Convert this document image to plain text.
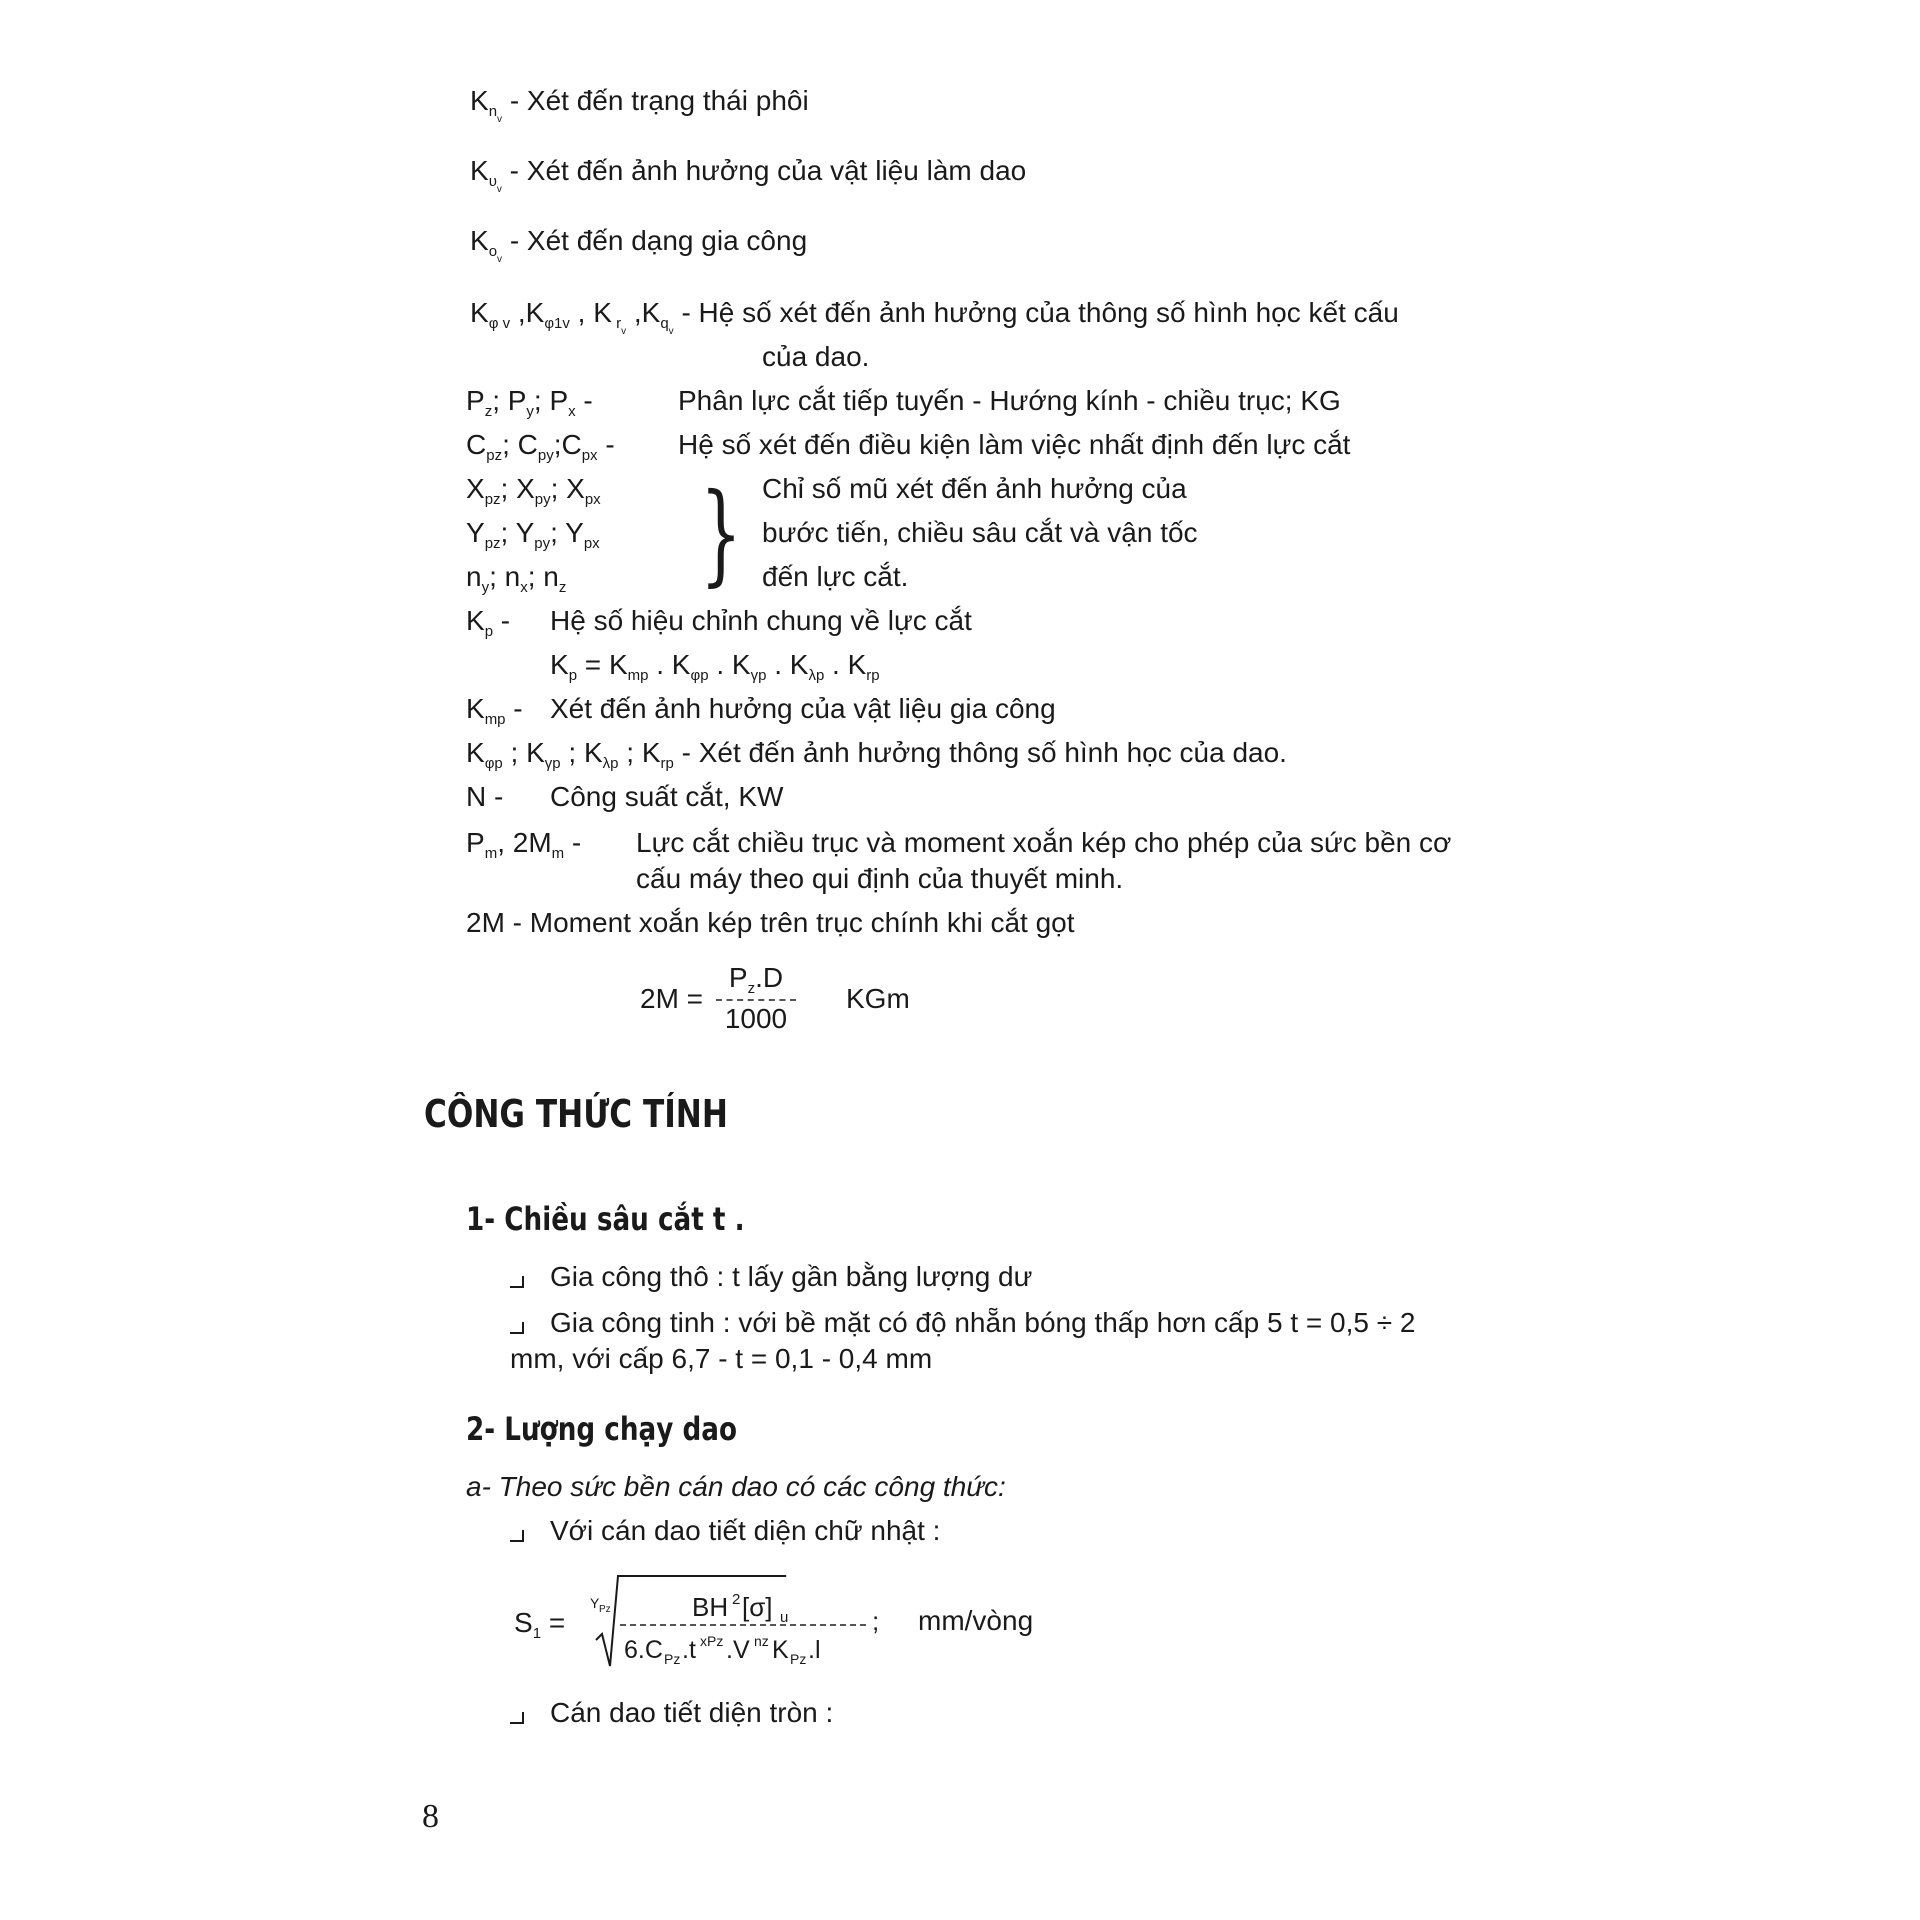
$K_{n_v}$ - Xét đến trạng thái phôi
$K_{\upsilon_v}$ - Xét đến ảnh hưởng của vật liệu làm dao
$K_{o_v}$ - Xét đến dạng gia công
$K_{\varphi v}$ $,K_{\varphi 1v}$ , K $_{r_v}$ $,K_{q_v}$ - Hệ số xét đến ảnh hưởng của thông số hình học kết cấu
của dao.
$P_z$; $P_y$; $P_x$ -	Phân lực cắt tiếp tuyến - Hướng kính - chiều trục; KG
$C_{pz}$; $C_{py};C_{px}$ - Hệ số xét đến điều kiện làm việc nhất định đến lực cắt
$X_{pz}$; $X_{py}$; $X_{px}$
$Y_{pz}$; $Y_{py}$; $Y_{px}$
$n_y$; $n_x$; $n_z$ } Chỉ số mũ xét đến ảnh hưởng của
bước tiến, chiều sâu cắt và vận tốc
đến lực cắt.
$K_p$ - Hệ số hiệu chỉnh chung về lực cắt
$K_p = K_{mp}$ . $K_{\varphi p}$ . $K_{\gamma p}$ . $K_{\lambda p}$ . $K_{rp}$
$K_{mp}$ - Xét đến ảnh hưởng của vật liệu gia công
$K_{\varphi p}$ ; $K_{\gamma p}$ ; $K_{\lambda p}$ ; $K_{rp}$ - Xét đến ảnh hưởng thông số hình học của dao.
N - Công suất cắt, KW
$P_m$, $2M_m$ - Lực cắt chiều trục và moment xoắn kép cho phép của sức bền cơ
cấu máy theo qui định của thuyết minh.
2M - Moment xoắn kép trên trục chính khi cắt gọt
2M =
$P_z.D$
1000
KGm
CÔNG THỨC TÍNH
1- Chiều sâu cắt t .
Gia công thô : t lấy gần bằng lượng dư
Gia công tinh : với bề mặt có độ nhẵn bóng thấp hơn cấp 5 t = 0,5 ÷ 2
mm, với cấp 6,7 - t = 0,1 - 0,4 mm
2- Lượng chạy dao
a- Theo sức bền cán dao có các công thức:
Với cán dao tiết diện chữ nhật :
$S_1$ =
Y Pz	BH 2 [σ] u
6.C Pz .t xPz .V nz K Pz .l
; mm/vòng
Cán dao tiết diện tròn :
8
